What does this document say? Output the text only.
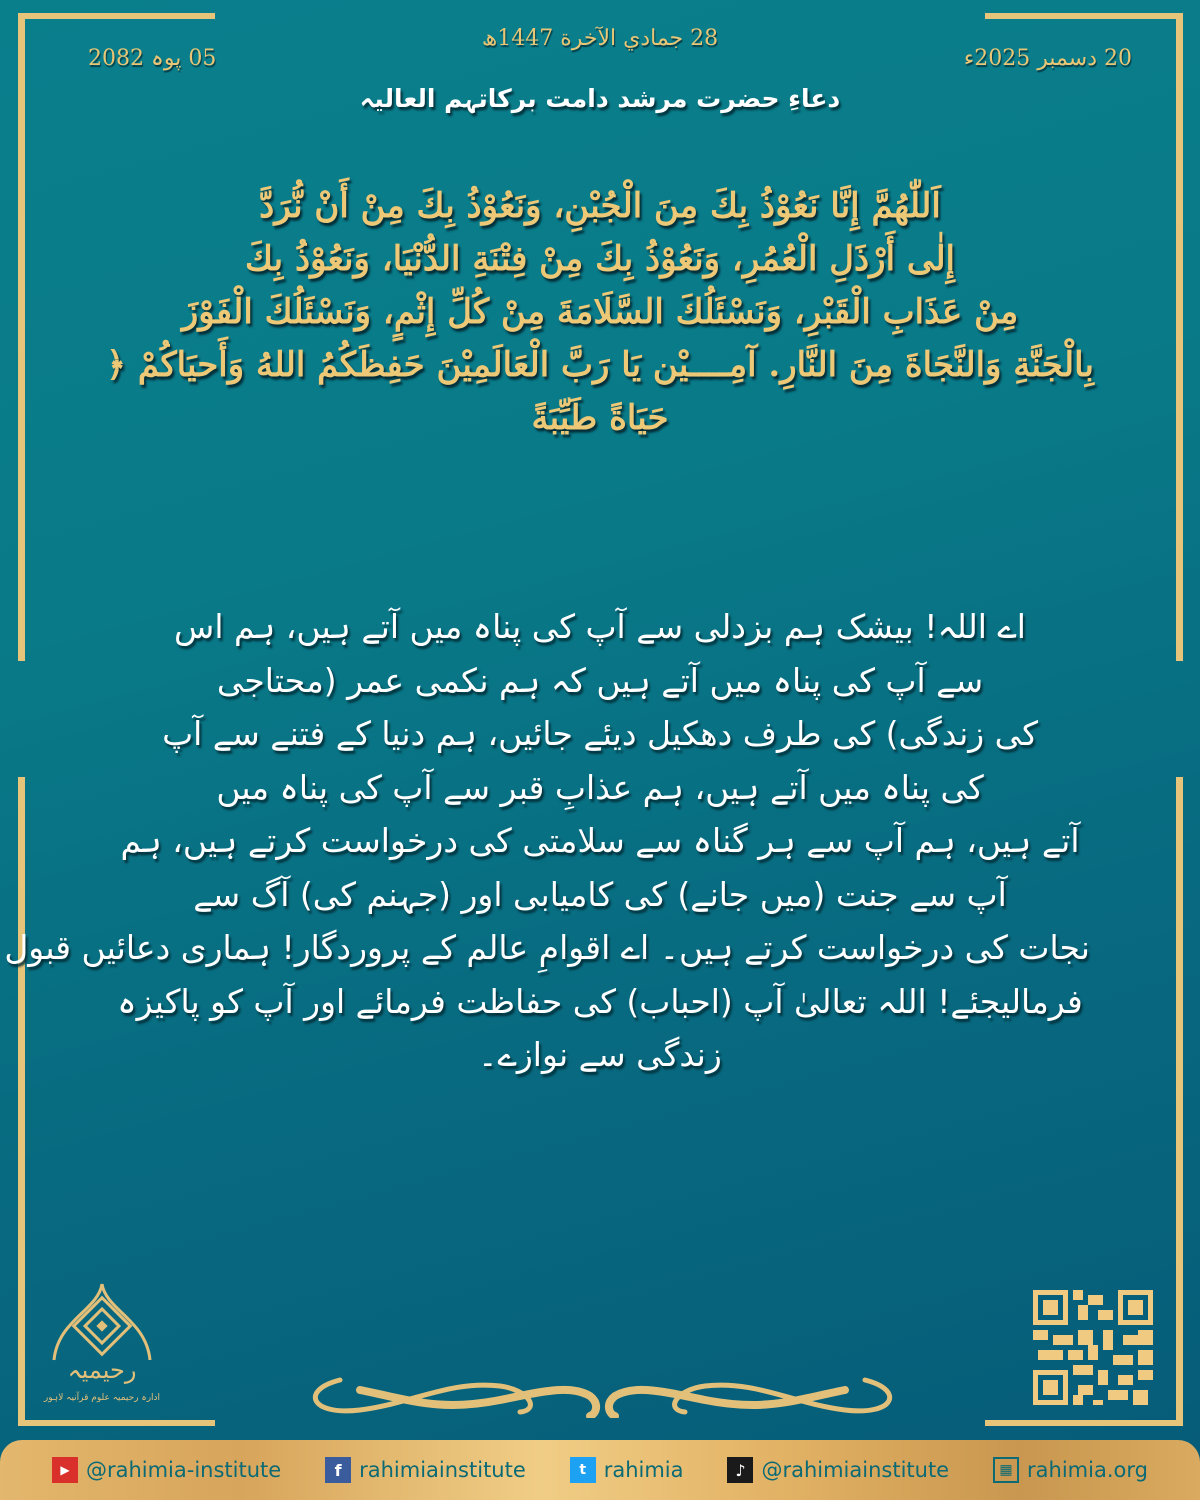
05 پوہ 2082
28 جمادي الآخرة 1447ھ
20 دسمبر 2025ء
دعاءِ حضرت مرشد دامت برکاتہم العالیہ
اَللّٰهُمَّ إِنَّا نَعُوْذُ بِكَ مِنَ الْجُبْنِ، وَنَعُوْذُ بِكَ مِنْ أَنْ نُّرَدَّ
إِلٰى أَرْذَلِ الْعُمُرِ، وَنَعُوْذُ بِكَ مِنْ فِتْنَةِ الدُّنْيَا، وَنَعُوْذُ بِكَ
مِنْ عَذَابِ الْقَبْرِ، وَنَسْئَلُكَ السَّلَامَةَ مِنْ كُلِّ إِثْمٍ، وَنَسْئَلُكَ الْفَوْزَ
بِالْجَنَّةِ وَالنَّجَاةَ مِنَ النَّارِ. آمِــــيْن يَا رَبَّ الْعَالَمِيْنَ حَفِظَكُمُ اللهُ وَأَحيَاكُمْ ﴿
حَيَاةً طَيِّبَةً
اے اللہ! بیشک ہم بزدلی سے آپ کی پناہ میں آتے ہیں، ہم اس
سے آپ کی پناہ میں آتے ہیں کہ ہم نکمی عمر (محتاجی
کی زندگی) کی طرف دھکیل دیئے جائیں، ہم دنیا کے فتنے سے آپ
کی پناہ میں آتے ہیں، ہم عذابِ قبر سے آپ کی پناہ میں
آتے ہیں، ہم آپ سے ہر گناہ سے سلامتی کی درخواست کرتے ہیں، ہم
آپ سے جنت (میں جانے) کی کامیابی اور (جہنم کی) آگ سے
نجات کی درخواست کرتے ہیں۔ اے اقوامِ عالم کے پروردگار! ہماری دعائیں قبول
فرمالیجئے! اللہ تعالیٰ آپ (احباب) کی حفاظت فرمائے اور آپ کو پاکیزہ
زندگی سے نوازے۔
رحیمیہ
ادارہ رحیمیہ علوم قرآنیہ لاہور
▶ @rahimia-institute	f rahimiainstitute	t rahimia	♪ @rahimiainstitute	▦ rahimia.org
